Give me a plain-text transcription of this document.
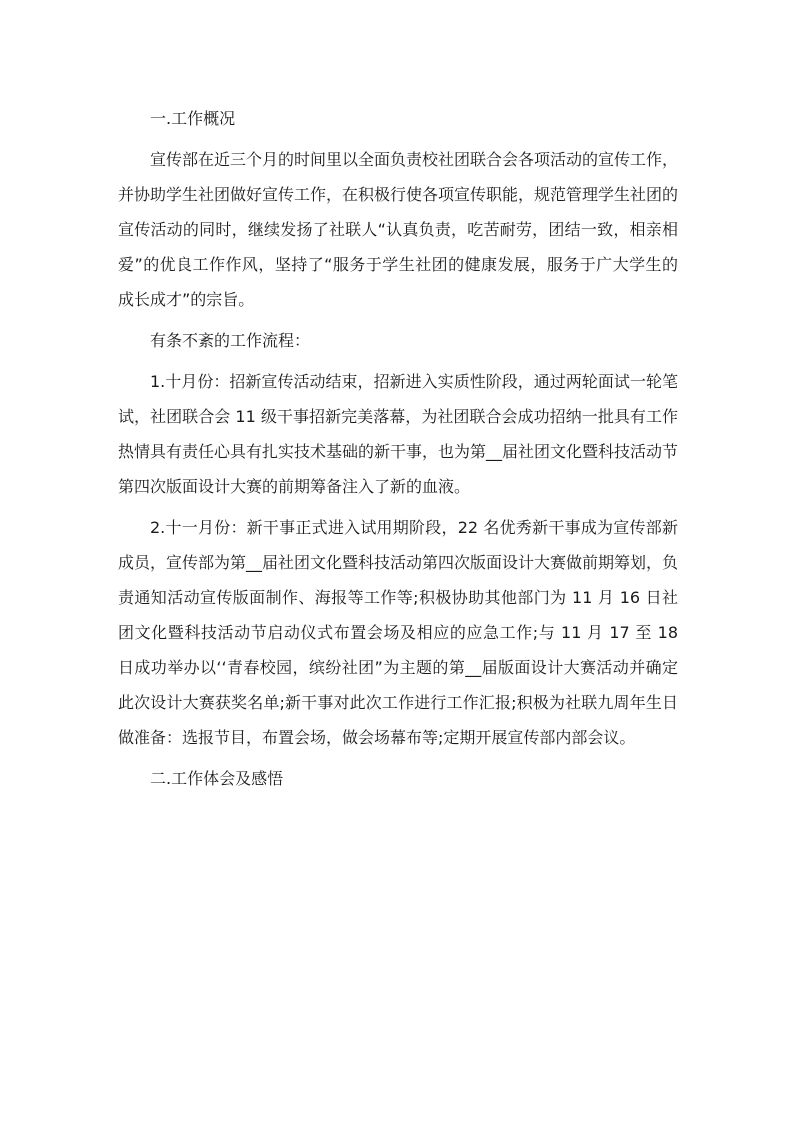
一.工作概况

宣传部在近三个月的时间里以全面负责校社团联合会各项活动的宣传工作，并协助学生社团做好宣传工作，在积极行使各项宣传职能，规范管理学生社团的宣传活动的同时，继续发扬了社联人“认真负责，吃苦耐劳，团结一致，相亲相爱”的优良工作作风，坚持了“服务于学生社团的健康发展，服务于广大学生的成长成才”的宗旨。

有条不紊的工作流程：

1.十月份：招新宣传活动结束，招新进入实质性阶段，通过两轮面试一轮笔试，社团联合会 11 级干事招新完美落幕，为社团联合会成功招纳一批具有工作热情具有责任心具有扎实技术基础的新干事，也为第__届社团文化暨科技活动节第四次版面设计大赛的前期筹备注入了新的血液。

2.十一月份：新干事正式进入试用期阶段，22 名优秀新干事成为宣传部新成员，宣传部为第__届社团文化暨科技活动第四次版面设计大赛做前期筹划，负责通知活动宣传版面制作、海报等工作等;积极协助其他部门为 11 月 16 日社团文化暨科技活动节启动仪式布置会场及相应的应急工作;与 11 月 17 至 18 日成功举办以‘‘青春校园，缤纷社团”为主题的第__届版面设计大赛活动并确定此次设计大赛获奖名单;新干事对此次工作进行工作汇报;积极为社联九周年生日做准备：选报节目，布置会场，做会场幕布等;定期开展宣传部内部会议。

二.工作体会及感悟
